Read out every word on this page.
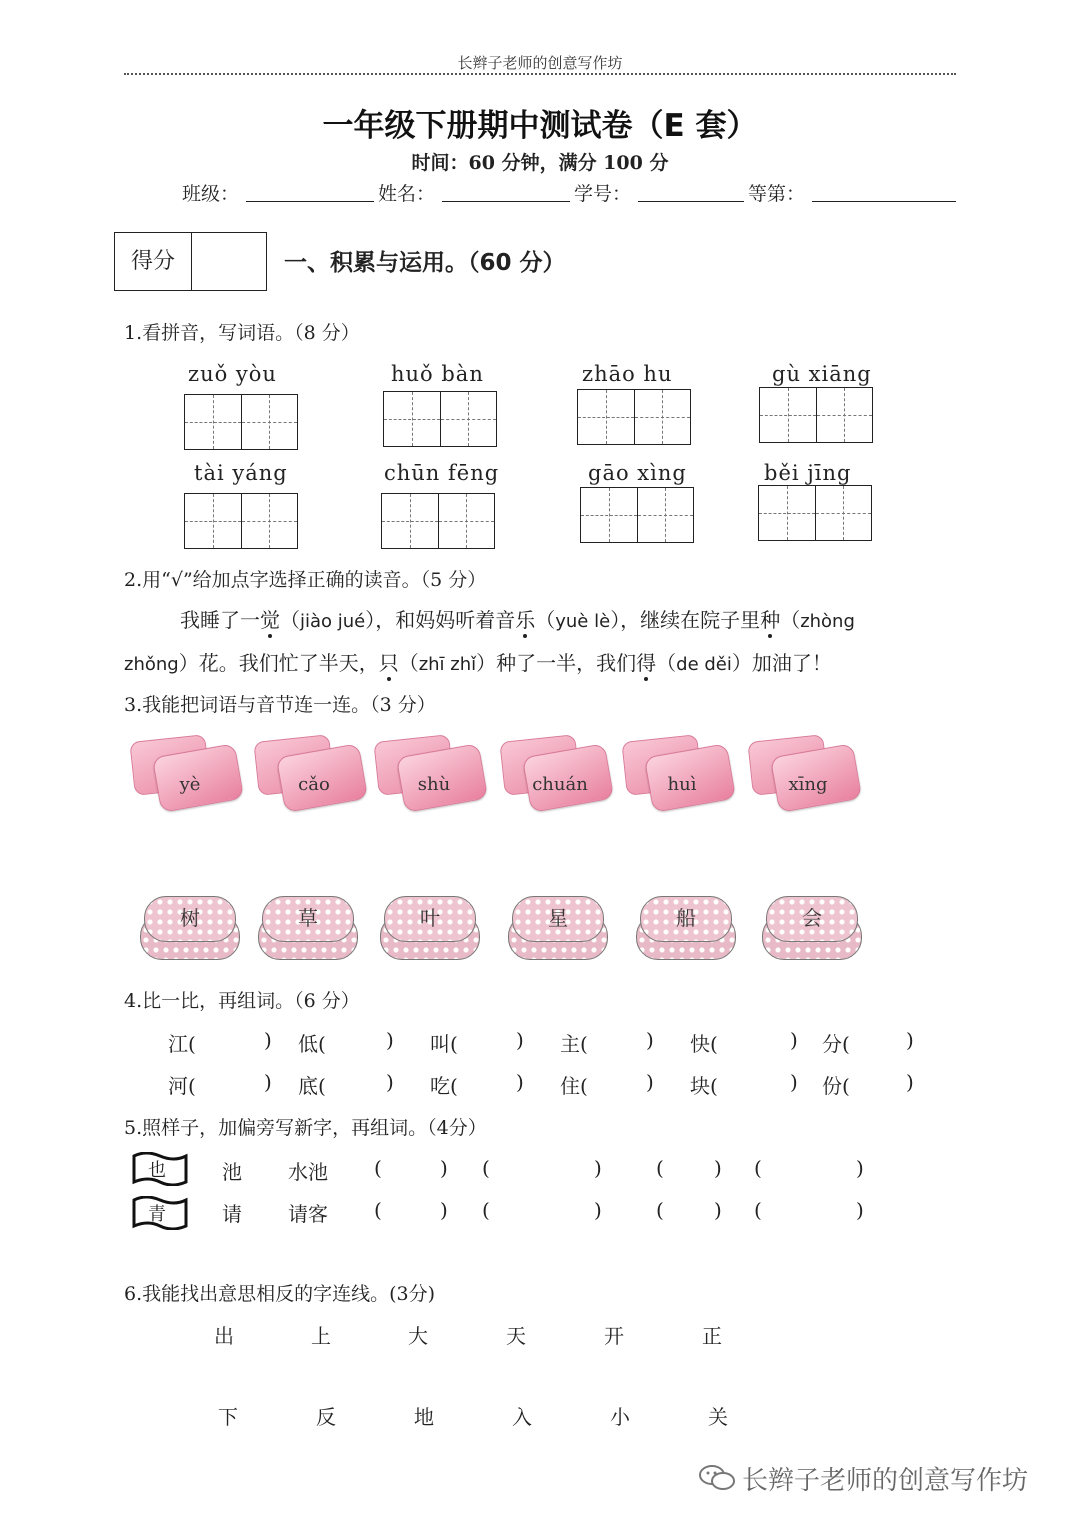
长辫子老师的创意写作坊
一年级下册期中测试卷（E 套）
时间：60 分钟，满分 100 分
班级：	姓名：	学号：	等第：
得分	一、积累与运用。（60 分）
1.看拼音，写词语。（8 分）
zuǒ yòu	huǒ bàn	zhāo hu	gù xiāng
tài yáng	chūn fēng	gāo xìng	běi jīng
2.用“√”给加点字选择正确的读音。（5 分）
我睡了一觉（jiào jué），和妈妈听着音乐（yuè lè），继续在院子里种（zhòng
zhǒng）花。我们忙了半天，只（zhī zhǐ）种了一半，我们得（de děi）加油了！
3.我能把词语与音节连一连。（3 分）
yè	cǎo	shù	chuán	huì	xīng
树	草	叶	星	船	会
4.比一比，再组词。（6 分）
江(	) 低(	) 叫(	) 主(	) 快(	) 分(	)
河(	) 底(	) 吃(	) 住(	) 块(	) 份(	)
5.照样子，加偏旁写新字，再组词。（4分）
也	池 水池 (	) (	)	(	) (	)
青	请 请客 (	) (	)	(	) (	)
6.我能找出意思相反的字连线。(3分)
出	上	大	天	开	正
下	反	地	入	小	关
长辫子老师的创意写作坊
